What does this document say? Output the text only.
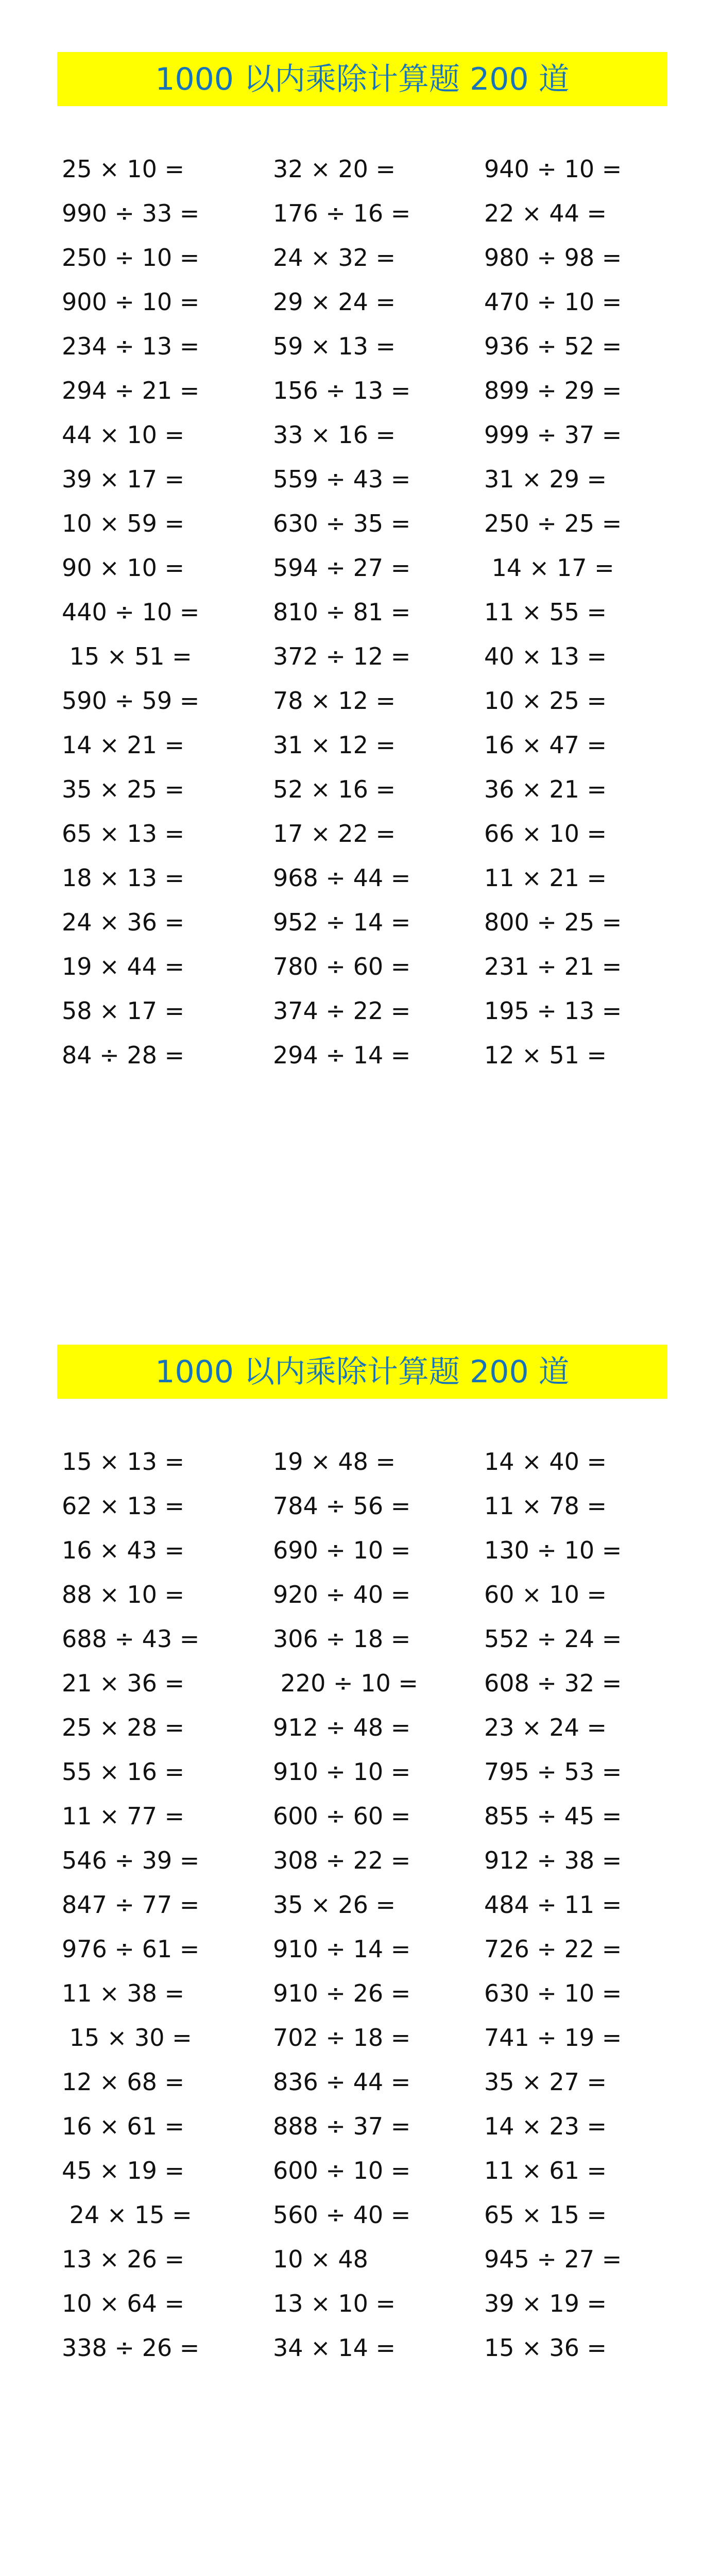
1000 以内乘除计算题 200 道
25 × 10 =	32 × 20 =	940 ÷ 10 =
990 ÷ 33 =	176 ÷ 16 =	22 × 44 =
250 ÷ 10 =	24 × 32 =	980 ÷ 98 =
900 ÷ 10 =	29 × 24 =	470 ÷ 10 =
234 ÷ 13 =	59 × 13 =	936 ÷ 52 =
294 ÷ 21 =	156 ÷ 13 =	899 ÷ 29 =
44 × 10 =	33 × 16 =	999 ÷ 37 =
39 × 17 =	559 ÷ 43 =	31 × 29 =
10 × 59 =	630 ÷ 35 =	250 ÷ 25 =
90 × 10 =	594 ÷ 27 =	14 × 17 =
440 ÷ 10 =	810 ÷ 81 =	11 × 55 =
15 × 51 =	372 ÷ 12 =	40 × 13 =
590 ÷ 59 =	78 × 12 =	10 × 25 =
14 × 21 =	31 × 12 =	16 × 47 =
35 × 25 =	52 × 16 =	36 × 21 =
65 × 13 =	17 × 22 =	66 × 10 =
18 × 13 =	968 ÷ 44 =	11 × 21 =
24 × 36 =	952 ÷ 14 =	800 ÷ 25 =
19 × 44 =	780 ÷ 60 =	231 ÷ 21 =
58 × 17 =	374 ÷ 22 =	195 ÷ 13 =
84 ÷ 28 =	294 ÷ 14 =	12 × 51 =
1000 以内乘除计算题 200 道
15 × 13 =	19 × 48 =	14 × 40 =
62 × 13 =	784 ÷ 56 =	11 × 78 =
16 × 43 =	690 ÷ 10 =	130 ÷ 10 =
88 × 10 =	920 ÷ 40 =	60 × 10 =
688 ÷ 43 =	306 ÷ 18 =	552 ÷ 24 =
21 × 36 =	220 ÷ 10 =	608 ÷ 32 =
25 × 28 =	912 ÷ 48 =	23 × 24 =
55 × 16 =	910 ÷ 10 =	795 ÷ 53 =
11 × 77 =	600 ÷ 60 =	855 ÷ 45 =
546 ÷ 39 =	308 ÷ 22 =	912 ÷ 38 =
847 ÷ 77 =	35 × 26 =	484 ÷ 11 =
976 ÷ 61 =	910 ÷ 14 =	726 ÷ 22 =
11 × 38 =	910 ÷ 26 =	630 ÷ 10 =
15 × 30 =	702 ÷ 18 =	741 ÷ 19 =
12 × 68 =	836 ÷ 44 =	35 × 27 =
16 × 61 =	888 ÷ 37 =	14 × 23 =
45 × 19 =	600 ÷ 10 =	11 × 61 =
24 × 15 =	560 ÷ 40 =	65 × 15 =
13 × 26 =	10 × 48	945 ÷ 27 =
10 × 64 =	13 × 10 =	39 × 19 =
338 ÷ 26 =	34 × 14 =	15 × 36 =
